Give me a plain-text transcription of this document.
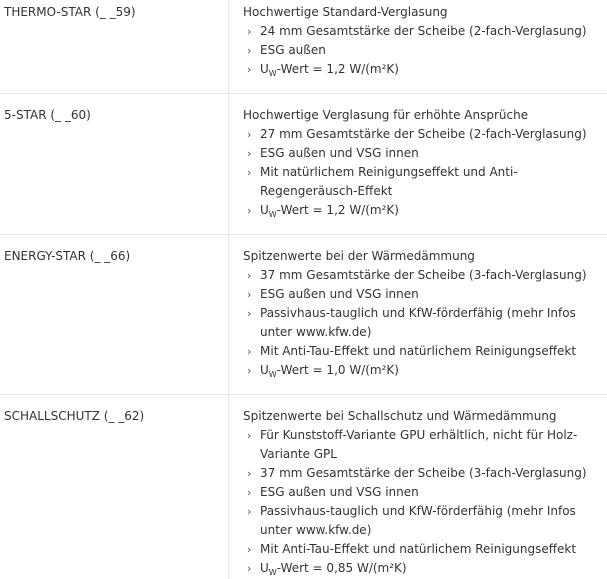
THERMO-STAR (_ _59)	Hochwertige Standard-Verglasung
› 24 mm Gesamtstärke der Scheibe (2-fach-Verglasung)
› ESG außen
› $U_W$-Wert = 1,2 W/(m²K)
5-STAR (_ _60)	Hochwertige Verglasung für erhöhte Ansprüche
› 27 mm Gesamtstärke der Scheibe (2-fach-Verglasung)
› ESG außen und VSG innen
› Mit natürlichem Reinigungseffekt und Anti-Regengeräusch-Effekt
› $U_W$-Wert = 1,2 W/(m²K)
ENERGY-STAR (_ _66)	Spitzenwerte bei der Wärmedämmung
› 37 mm Gesamtstärke der Scheibe (3-fach-Verglasung)
› ESG außen und VSG innen
› Passivhaus-tauglich und KfW-förderfähig (mehr Infos unter www.kfw.de)
› Mit Anti-Tau-Effekt und natürlichem Reinigungseffekt
› $U_W$-Wert = 1,0 W/(m²K)
SCHALLSCHUTZ (_ _62)	Spitzenwerte bei Schallschutz und Wärmedämmung
› Für Kunststoff-Variante GPU erhältlich, nicht für Holz-Variante GPL
› 37 mm Gesamtstärke der Scheibe (3-fach-Verglasung)
› ESG außen und VSG innen
› Passivhaus-tauglich und KfW-förderfähig (mehr Infos unter www.kfw.de)
› Mit Anti-Tau-Effekt und natürlichem Reinigungseffekt
› $U_W$-Wert = 0,85 W/(m²K)
